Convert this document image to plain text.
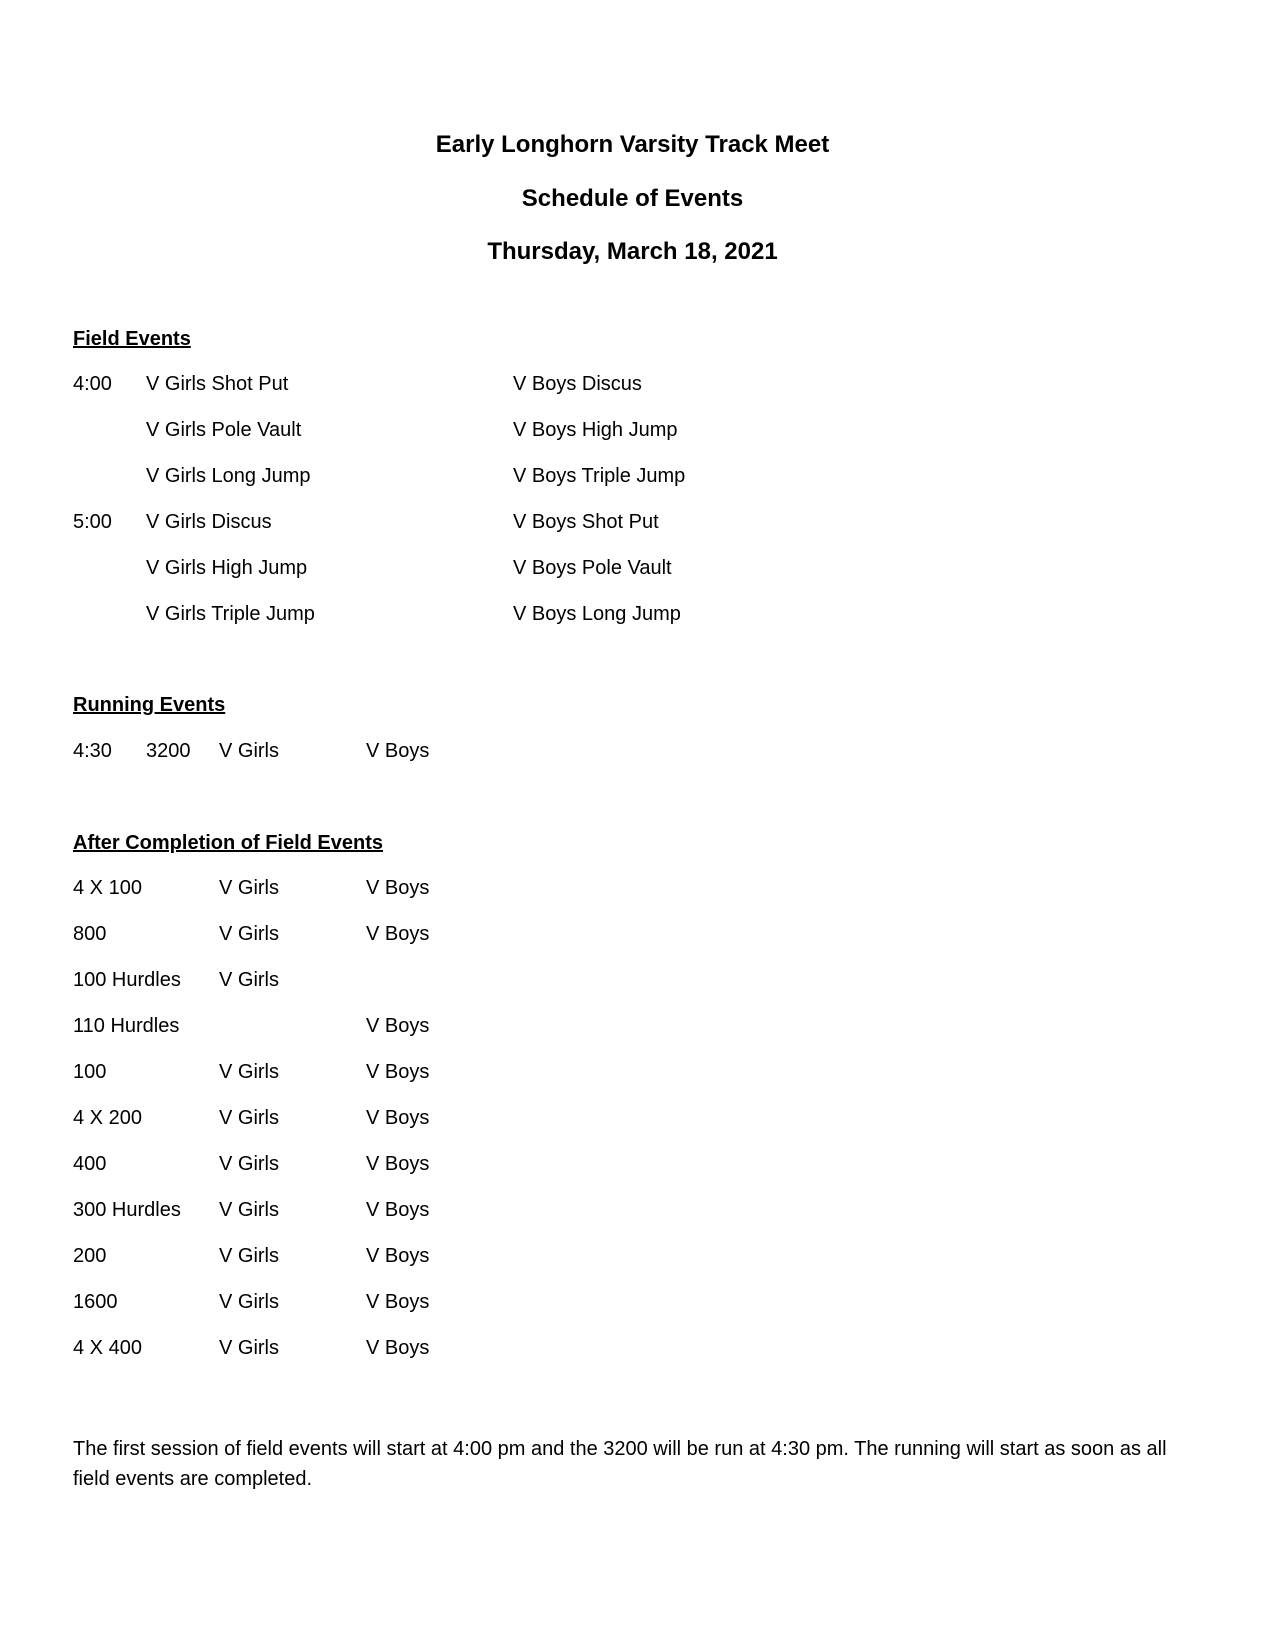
Early Longhorn Varsity Track Meet
Schedule of Events
Thursday, March 18, 2021
Field Events
4:00 V Girls Shot Put	V Boys Discus
V Girls Pole Vault	V Boys High Jump
V Girls Long Jump	V Boys Triple Jump
5:00 V Girls Discus	V Boys Shot Put
V Girls High Jump	V Boys Pole Vault
V Girls Triple Jump	V Boys Long Jump
Running Events
4:30 3200 V Girls	V Boys
After Completion of Field Events
4 X 100	V Girls	V Boys
800	V Girls	V Boys
100 Hurdles V Girls
110 Hurdles	V Boys
100	V Girls	V Boys
4 X 200	V Girls	V Boys
400	V Girls	V Boys
300 Hurdles V Girls	V Boys
200	V Girls	V Boys
1600	V Girls	V Boys
4 X 400	V Girls	V Boys
The first session of field events will start at 4:00 pm and the 3200 will be run at 4:30 pm. The running will start as soon as all field events are completed.
